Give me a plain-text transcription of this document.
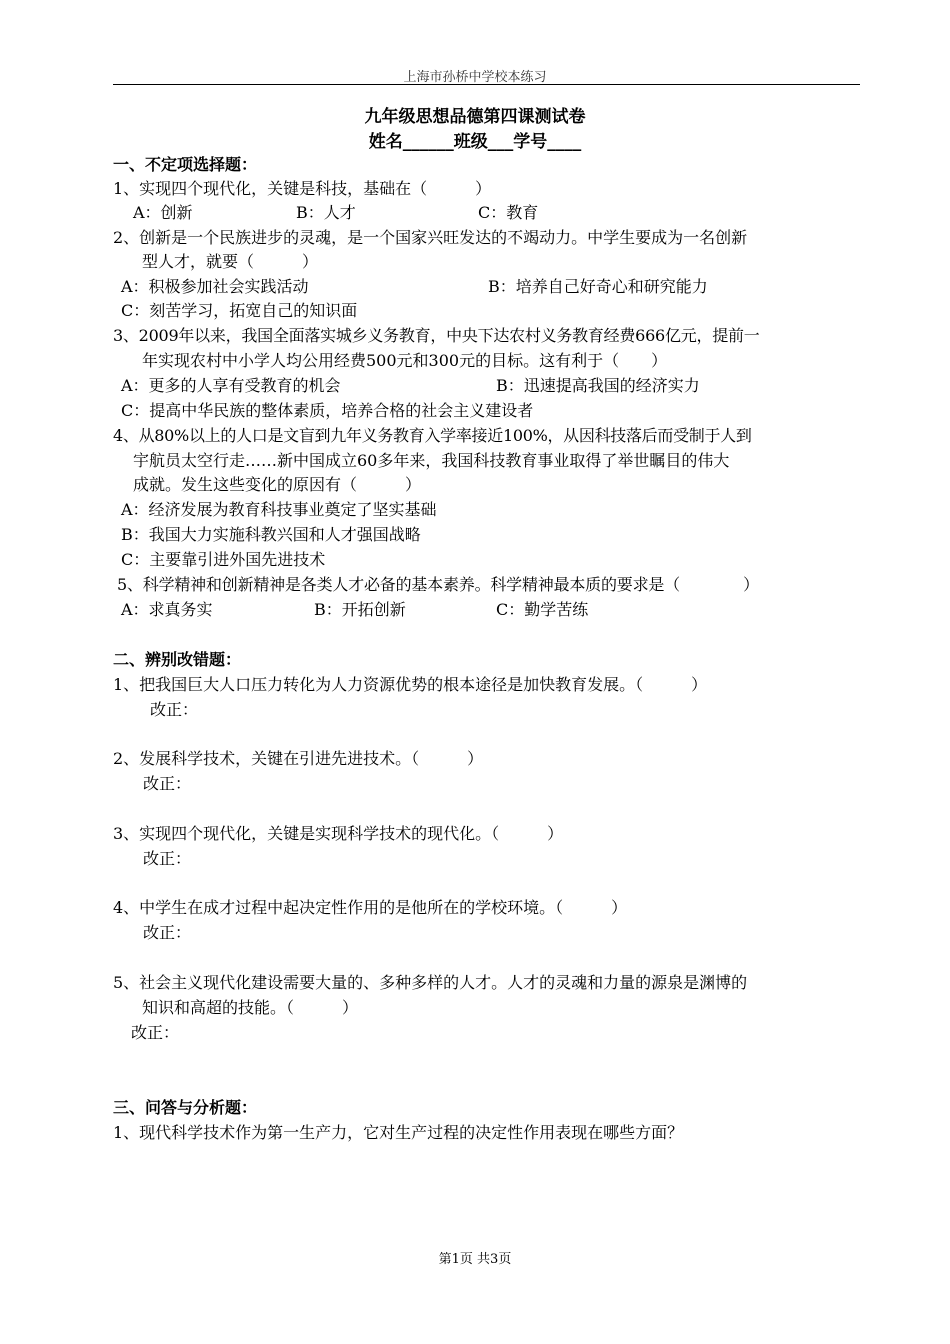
上海市孙桥中学校本练习
九年级思想品德第四课测试卷
姓名______班级___学号____
一、不定项选择题：
1、实现四个现代化，关键是科技，基础在（　　　）
A：创新	B：人才	C：教育
2、创新是一个民族进步的灵魂，是一个国家兴旺发达的不竭动力。中学生要成为一名创新
型人才，就要（　　　）
A：积极参加社会实践活动	B：培养自己好奇心和研究能力
C：刻苦学习，拓宽自己的知识面
3、2009年以来，我国全面落实城乡义务教育，中央下达农村义务教育经费666亿元，提前一
年实现农村中小学人均公用经费500元和300元的目标。这有利于（　　）
A：更多的人享有受教育的机会	B：迅速提高我国的经济实力
C：提高中华民族的整体素质，培养合格的社会主义建设者
4、从80%以上的人口是文盲到九年义务教育入学率接近100%，从因科技落后而受制于人到
宇航员太空行走……新中国成立60多年来，我国科技教育事业取得了举世瞩目的伟大
成就。发生这些变化的原因有（　　　）
A：经济发展为教育科技事业奠定了坚实基础
B：我国大力实施科教兴国和人才强国战略
C：主要靠引进外国先进技术
5、科学精神和创新精神是各类人才必备的基本素养。科学精神最本质的要求是（　　　　）
A：求真务实	B：开拓创新	C：勤学苦练
二、辨别改错题：
1、把我国巨大人口压力转化为人力资源优势的根本途径是加快教育发展。（　　　）
改正：
2、发展科学技术，关键在引进先进技术。（　　　）
改正：
3、实现四个现代化，关键是实现科学技术的现代化。（　　　）
改正：
4、中学生在成才过程中起决定性作用的是他所在的学校环境。（　　　）
改正：
5、社会主义现代化建设需要大量的、多种多样的人才。人才的灵魂和力量的源泉是渊博的
知识和高超的技能。（　　　）
改正：
三、问答与分析题：
1、现代科学技术作为第一生产力，它对生产过程的决定性作用表现在哪些方面？
第1页 共3页
